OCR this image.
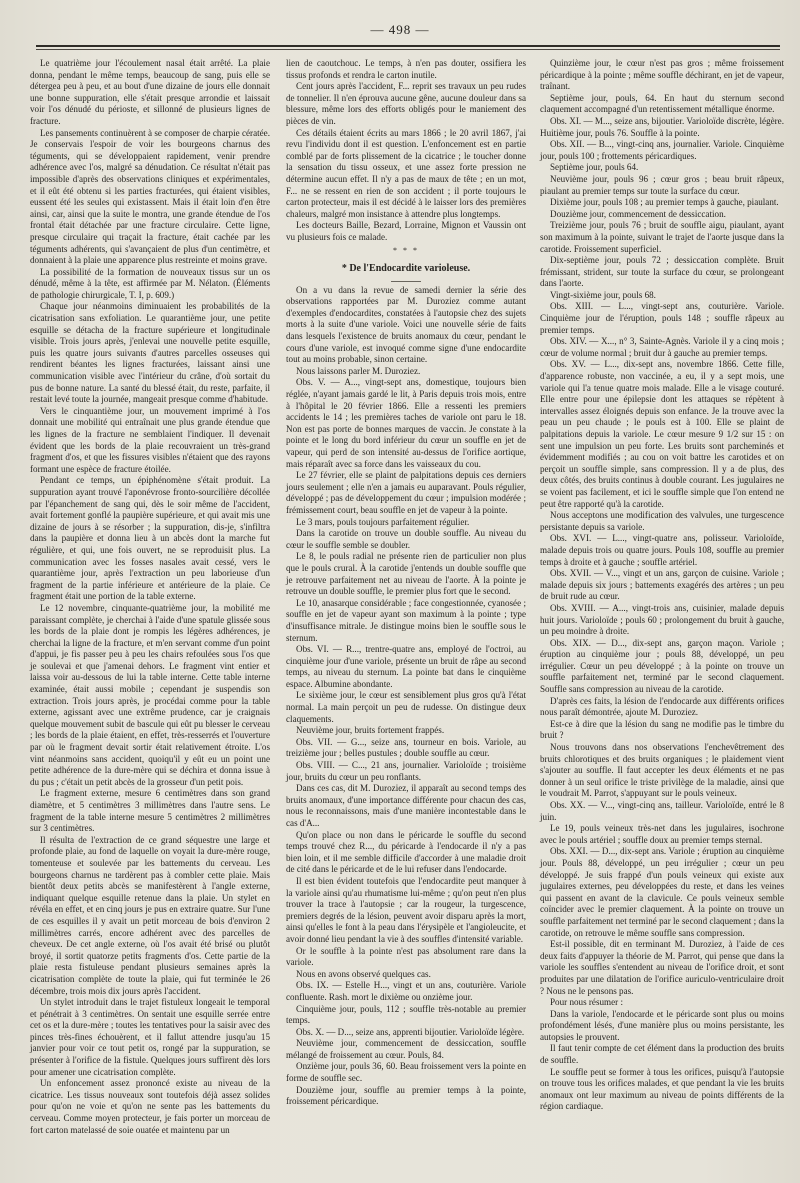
— 498 —

Le quatrième jour l'écoulement nasal était arrêté. La plaie donna, pendant le même temps, beaucoup de sang, puis elle se détergea peu à peu, et au bout d'une dizaine de jours elle donnait une bonne suppuration, elle s'était presque arrondie et laissait voir l'os dénudé du périoste, et sillonné de plusieurs lignes de fracture.

Les pansements continuèrent à se composer de charpie cératée. Je conservais l'espoir de voir les bourgeons charnus des téguments, qui se développaient rapidement, venir prendre adhérence avec l'os, malgré sa dénudation. Ce résultat n'était pas impossible d'après des observations cliniques et expérimentales, et il eût été obtenu si les parties fracturées, qui étaient visibles, eussent été les seules qui existassent. Mais il était loin d'en être ainsi, car, ainsi que la suite le montra, une grande étendue de l'os frontal était détachée par une fracture circulaire. Cette ligne, presque circulaire qui traçait la fracture, était cachée par les téguments adhérents, qui s'avançaient de plus d'un centimètre, et donnaient à la plaie une apparence plus restreinte et moins grave.

La possibilité de la formation de nouveaux tissus sur un os dénudé, même à la tête, est affirmée par M. Nélaton. (Éléments de pathologie chirurgicale, T. I, p. 609.)

Chaque jour néanmoins diminuaient les probabilités de la cicatrisation sans exfoliation. Le quarantième jour, une petite esquille se détacha de la fracture supérieure et longitudinale visible. Trois jours après, j'enlevai une nouvelle petite esquille, puis les quatre jours suivants d'autres parcelles osseuses qui rendirent béantes les lignes fracturées, laissant ainsi une communication visible avec l'intérieur du crâne, d'où sortait du pus de bonne nature. La santé du blessé était, du reste, parfaite, il restait levé toute la journée, mangeait presque comme d'habitude.

Vers le cinquantième jour, un mouvement imprimé à l'os donnait une mobilité qui entraînait une plus grande étendue que les lignes de la fracture ne semblaient l'indiquer. Il devenait évident que les bords de la plaie recouvraient un très-grand fragment d'os, et que les fissures visibles n'étaient que des rayons formant une espèce de fracture étoilée.

Pendant ce temps, un épiphénomène s'était produit. La suppuration ayant trouvé l'aponévrose fronto-sourcilière décollée par l'épanchement de sang qui, dès le soir même de l'accident, avait fortement gonflé la paupière supérieure, et qui avait mis une dizaine de jours à se résorber ; la suppuration, dis-je, s'infiltra dans la paupière et donna lieu à un abcès dont la marche fut régulière, et qui, une fois ouvert, ne se reproduisit plus. La communication avec les fosses nasales avait cessé, vers le quarantième jour, après l'extraction un peu laborieuse d'un fragment de la partie inférieure et antérieure de la plaie. Ce fragment était une portion de la table externe.

Le 12 novembre, cinquante-quatrième jour, la mobilité me paraissant complète, je cherchai à l'aide d'une spatule glissée sous les bords de la plaie dont je rompis les légères adhérences, je cherchai la ligne de la fracture, et m'en servant comme d'un point d'appui, je fis passer peu à peu les chairs refoulées sous l'os que je soulevai et que j'amenai dehors. Le fragment vint entier et laissa voir au-dessous de lui la table interne. Cette table interne examinée, était aussi mobile ; cependant je suspendis son extraction. Trois jours après, je procédai comme pour la table externe, agissant avec une extrême prudence, car je craignais quelque mouvement subit de bascule qui eût pu blesser le cerveau ; les bords de la plaie étaient, en effet, très-resserrés et l'ouverture par où le fragment devait sortir était relativement étroite. L'os vint néanmoins sans accident, quoiqu'il y eût eu un point une petite adhérence de la dure-mère qui se déchira et donna issue à du pus ; c'était un petit abcès de la grosseur d'un petit pois.

Le fragment externe, mesure 6 centimètres dans son grand diamètre, et 5 centimètres 3 millimètres dans l'autre sens. Le fragment de la table interne mesure 5 centimètres 2 millimètres sur 3 centimètres.

Il résulta de l'extraction de ce grand séquestre une large et profonde plaie, au fond de laquelle on voyait la dure-mère rouge, tomenteuse et soulevée par les battements du cerveau. Les bourgeons charnus ne tardèrent pas à combler cette plaie. Mais bientôt deux petits abcès se manifestèrent à l'angle externe, indiquant quelque esquille retenue dans la plaie. Un stylet en révéla en effet, et en cinq jours je pus en extraire quatre. Sur l'une de ces esquilles il y avait un petit morceau de bois d'environ 2 millimètres carrés, encore adhérent avec des parcelles de cheveux. De cet angle externe, où l'os avait été brisé ou plutôt broyé, il sortit quatorze petits fragments d'os. Cette partie de la plaie resta fistuleuse pendant plusieurs semaines après la cicatrisation complète de toute la plaie, qui fut terminée le 26 décembre, trois mois dix jours après l'accident.

Un stylet introduit dans le trajet fistuleux longeait le temporal et pénétrait à 3 centimètres. On sentait une esquille serrée entre cet os et la dure-mère ; toutes les tentatives pour la saisir avec des pinces très-fines échouèrent, et il fallut attendre jusqu'au 15 janvier pour voir ce tout petit os, rongé par la suppuration, se présenter à l'orifice de la fistule. Quelques jours suffirent dès lors pour amener une cicatrisation complète.

Un enfoncement assez prononcé existe au niveau de la cicatrice. Les tissus nouveaux sont toutefois déjà assez solides pour qu'on ne voie et qu'on ne sente pas les battements du cerveau. Comme moyen protecteur, je fais porter un morceau de fort carton matelassé de soie ouatée et maintenu par un

lien de caoutchouc. Le temps, à n'en pas douter, ossifiera les tissus profonds et rendra le carton inutile.

Cent jours après l'accident, F... reprit ses travaux un peu rudes de tonnelier. Il n'en éprouva aucune gêne, aucune douleur dans sa blessure, même lors des efforts obligés pour le maniement des pièces de vin.

Ces détails étaient écrits au mars 1866 ; le 20 avril 1867, j'ai revu l'individu dont il est question. L'enfoncement est en partie comblé par de forts plissement de la cicatrice ; le toucher donne la sensation du tissu osseux, et une assez forte pression ne détermine aucun effet. Il n'y a pas de maux de tête ; en un mot, F... ne se ressent en rien de son accident ; il porte toujours le carton protecteur, mais il est décidé à le laisser lors des premières chaleurs, malgré mon insistance à attendre plus longtemps.

Les docteurs Baille, Bezard, Lorraine, Mignon et Vaussin ont vu plusieurs fois ce malade.

* * *
* De l'Endocardite varioleuse.

On a vu dans la revue de samedi dernier la série des observations rapportées par M. Duroziez comme autant d'exemples d'endocardites, constatées à l'autopsie chez des sujets morts à la suite d'une variole. Voici une nouvelle série de faits dans lesquels l'existence de bruits anomaux du cœur, pendant le cours d'une variole, est invoqué comme signe d'une endocardite tout au moins probable, sinon certaine.

Nous laissons parler M. Duroziez.

Obs. V. — A..., vingt-sept ans, domestique, toujours bien réglée, n'ayant jamais gardé le lit, à Paris depuis trois mois, entre à l'hôpital le 20 février 1866. Elle a ressenti les premiers accidents le 14 ; les premières taches de variole ont paru le 18. Non est pas porte de bonnes marques de vaccin. Je constate à la pointe et le long du bord inférieur du cœur un souffle en jet de vapeur, qui perd de son intensité au-dessus de l'orifice aortique, mais réparaît avec sa force dans les vaisseaux du cou.

Le 27 février, elle se plaint de palpitations depuis ces derniers jours seulement ; elle n'en a jamais eu auparavant. Pouls régulier, développé ; pas de développement du cœur ; impulsion modérée ; frémissement court, beau souffle en jet de vapeur à la pointe.

Le 3 mars, pouls toujours parfaitement régulier.

Dans la carotide on trouve un double souffle. Au niveau du cœur le souffle semble se doubler.

Le 8, le pouls radial ne présente rien de particulier non plus que le pouls crural. À la carotide j'entends un double souffle que je retrouve parfaitement net au niveau de l'aorte. À la pointe je retrouve un double souffle, le premier plus fort que le second.

Le 10, anasarque considérable ; face congestionnée, cyanosée ; souffle en jet de vapeur ayant son maximum à la pointe ; type d'insuffisance mitrale. Je distingue moins bien le souffle sous le sternum.

Obs. VI. — R..., trentre-quatre ans, employé de l'octroi, au cinquième jour d'une variole, présente un bruit de râpe au second temps, au niveau du sternum. La pointe bat dans le cinquième espace. Albumine abondante.

Le sixième jour, le cœur est sensiblement plus gros qu'à l'état normal. La main perçoit un peu de rudesse. On distingue deux claquements.

Neuvième jour, bruits fortement frappés.

Obs. VII. — G..., seize ans, tourneur en bois. Variole, au treizième jour ; belles pustules ; double souffle au cœur.

Obs. VIII. — C..., 21 ans, journalier. Varioloïde ; troisième jour, bruits du cœur un peu ronflants.

Dans ces cas, dit M. Duroziez, il apparaît au second temps des bruits anomaux, d'une importance différente pour chacun des cas, nous le reconnaissons, mais d'une manière incontestable dans le cas d'A...

Qu'on place ou non dans le péricarde le souffle du second temps trouvé chez R..., du péricarde à l'endocarde il n'y a pas bien loin, et il me semble difficile d'accorder à une maladie droit de cité dans le péricarde et de le lui refuser dans l'endocarde.

Il est bien évident toutefois que l'endocardite peut manquer à la variole ainsi qu'au rhumatisme lui-même ; qu'on peut n'en plus trouver la trace à l'autopsie ; car la rougeur, la turgescence, premiers degrés de la lésion, peuvent avoir disparu après la mort, ainsi qu'elles le font à la peau dans l'érysipèle et l'angioleucite, et avoir donné lieu pendant la vie à des souffles d'intensité variable.

Or le souffle à la pointe n'est pas absolument rare dans la variole.

Nous en avons observé quelques cas.

Obs. IX. — Estelle H..., vingt et un ans, couturière. Variole confluente. Rash. mort le dixième ou onzième jour.

Cinquième jour, pouls, 112 ; souffle très-notable au premier temps.

Obs. X. — D..., seize ans, apprenti bijoutier. Varioloïde légère.

Neuvième jour, commencement de dessiccation, souffle mélangé de froissement au cœur. Pouls, 84.

Onzième jour, pouls 36, 60. Beau froissement vers la pointe en forme de souffle sec.

Douzième jour, souffle au premier temps à la pointe, froissement péricardique.

Quinzième jour, le cœur n'est pas gros ; même froissement péricardique à la pointe ; même souffle déchirant, en jet de vapeur, traînant.

Septième jour, pouls, 64. En haut du sternum second claquement accompagné d'un retentissement métallique énorme.

Obs. XI. — M..., seize ans, bijoutier. Varioloïde discrète, légère. Huitième jour, pouls 76. Souffle à la pointe.

Obs. XII. — B..., vingt-cinq ans, journalier. Variole. Cinquième jour, pouls 100 ; frottements péricardiques.

Septième jour, pouls 64.

Neuvième jour, pouls 96 ; cœur gros ; beau bruit râpeux, piaulant au premier temps sur toute la surface du cœur.

Dixième jour, pouls 108 ; au premier temps à gauche, piaulant.

Douzième jour, commencement de dessiccation.

Treizième jour, pouls 76 ; bruit de souffle aigu, piaulant, ayant son maximum à la pointe, suivant le trajet de l'aorte jusque dans la carotide. Froissement superficiel.

Dix-septième jour, pouls 72 ; dessiccation complète. Bruit frémissant, strident, sur toute la surface du cœur, se prolongeant dans l'aorte.

Vingt-sixième jour, pouls 68.

Obs. XIII. — L..., vingt-sept ans, couturière. Variole. Cinquième jour de l'éruption, pouls 148 ; souffle râpeux au premier temps.

Obs. XIV. — X..., n° 3, Sainte-Agnès. Variole il y a cinq mois ; cœur de volume normal ; bruit dur à gauche au premier temps.

Obs. XV. — L..., dix-sept ans, novembre 1866. Cette fille, d'apparence robuste, non vaccinée, a eu, il y a sept mois, une variole qui l'a tenue quatre mois malade. Elle a le visage couturé. Elle entre pour une épilepsie dont les attaques se répètent à intervalles assez éloignés depuis son enfance. Je la trouve avec la peau un peu chaude ; le pouls est à 100. Elle se plaint de palpitations depuis la variole. Le cœur mesure 9 1/2 sur 15 : on sent une impulsion un peu forte. Les bruits sont parcheminés et évidemment modifiés ; au cou on voit battre les carotides et on perçoit un souffle simple, sans compression. Il y a de plus, des deux côtés, des bruits continus à double courant. Les jugulaires ne se voient pas facilement, et ici le souffle simple que l'on entend ne peut être rapporté qu'à la carotide.

Nous acceptons une modification des valvules, une turgescence persistante depuis sa variole.

Obs. XVI. — L..., vingt-quatre ans, polisseur. Varioloïde, malade depuis trois ou quatre jours. Pouls 108, souffle au premier temps à droite et à gauche ; souffle artériel.

Obs. XVII. — V..., vingt et un ans, garçon de cuisine. Variole ; malade depuis six jours ; battements exagérés des artères ; un peu de bruit rude au cœur.

Obs. XVIII. — A..., vingt-trois ans, cuisinier, malade depuis huit jours. Varioloïde ; pouls 60 ; prolongement du bruit à gauche, un peu moindre à droite.

Obs. XIX. — D..., dix-sept ans, garçon maçon. Variole ; éruption au cinquième jour ; pouls 88, développé, un peu irrégulier. Cœur un peu développé ; à la pointe on trouve un souffle parfaitement net, terminé par le second claquement. Souffle sans compression au niveau de la carotide.

D'après ces faits, la lésion de l'endocarde aux différents orifices nous paraît démontrée, ajoute M. Duroziez.

Est-ce à dire que la lésion du sang ne modifie pas le timbre du bruit ?

Nous trouvons dans nos observations l'enchevêtrement des bruits chlorotiques et des bruits organiques ; le plaidement vient s'ajouter au souffle. Il faut accepter les deux éléments et ne pas donner à un seul orifice le triste privilège de la maladie, ainsi que le voudrait M. Parrot, s'appuyant sur le pouls veineux.

Obs. XX. — V..., vingt-cinq ans, tailleur. Varioloïde, entré le 8 juin.

Le 19, pouls veineux très-net dans les jugulaires, isochrone avec le pouls artériel ; souffle doux au premier temps sternal.

Obs. XXI. — D..., dix-sept ans. Variole ; éruption au cinquième jour. Pouls 88, développé, un peu irrégulier ; cœur un peu développé. Je suis frappé d'un pouls veineux qui existe aux jugulaires externes, peu développées du reste, et dans les veines qui passent en avant de la clavicule. Ce pouls veineux semble coïncider avec le premier claquement. À la pointe on trouve un souffle parfaitement net terminé par le second claquement ; dans la carotide, on retrouve le même souffle sans compression.

Est-il possible, dit en terminant M. Duroziez, à l'aide de ces deux faits d'appuyer la théorie de M. Parrot, qui pense que dans la variole les souffles s'entendent au niveau de l'orifice droit, et sont produites par une dilatation de l'orifice auriculo-ventriculaire droit ? Nous ne le pensons pas.

Pour nous résumer :

Dans la variole, l'endocarde et le péricarde sont plus ou moins profondément lésés, d'une manière plus ou moins persistante, les autopsies le prouvent.

Il faut tenir compte de cet élément dans la production des bruits de souffle.

Le souffle peut se former à tous les orifices, puisqu'à l'autopsie on trouve tous les orifices malades, et que pendant la vie les bruits anomaux ont leur maximum au niveau de points différents de la région cardiaque.
